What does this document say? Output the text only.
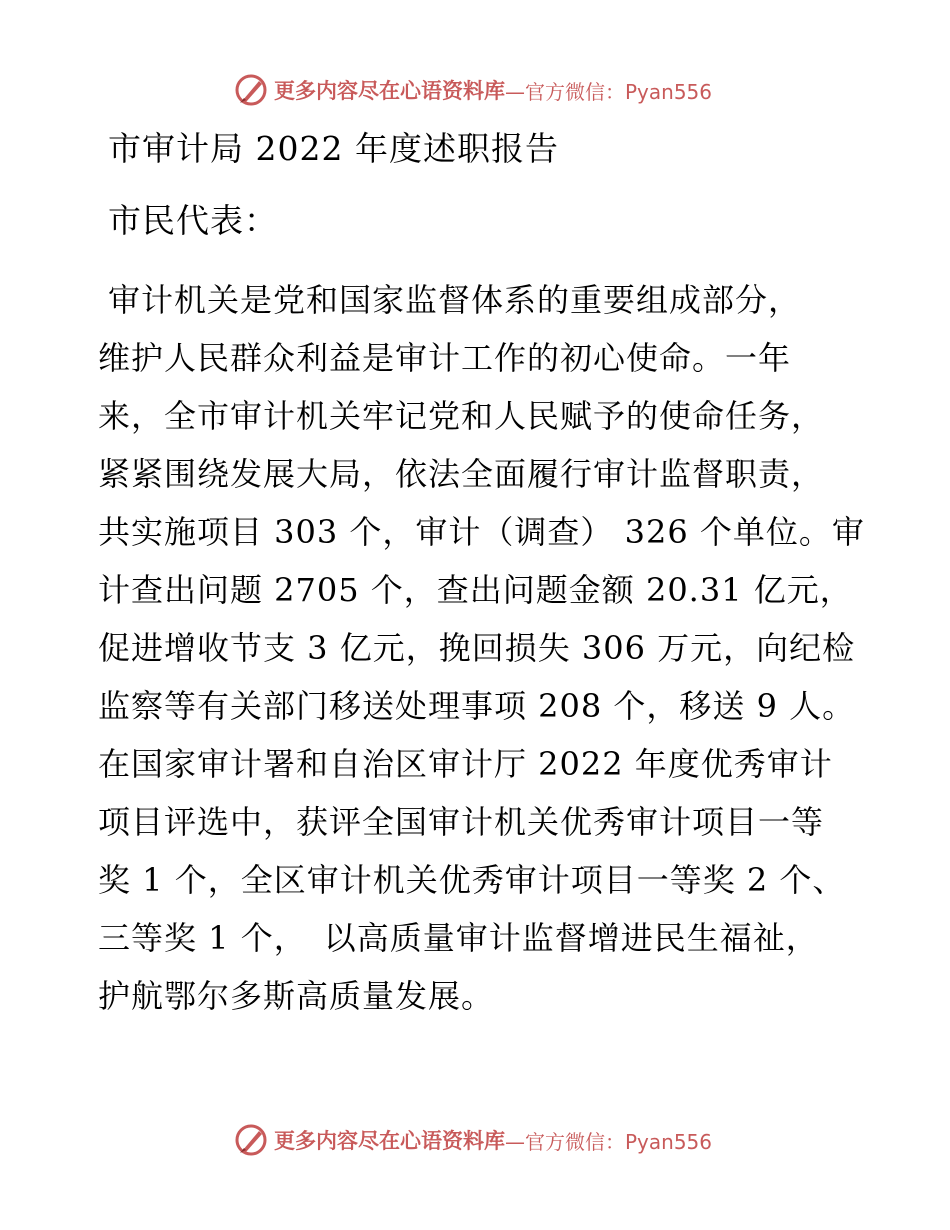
更多内容尽在心语资料库 —官方微信：Pyan556
市审计局 2022 年度述职报告
市民代表：
审计机关是党和国家监督体系的重要组成部分，
维护人民群众利益是审计工作的初心使命。一年
来，全市审计机关牢记党和人民赋予的使命任务，
紧紧围绕发展大局，依法全面履行审计监督职责，
共实施项目 303 个，审计（调查） 326 个单位。审
计查出问题 2705 个，查出问题金额 20.31 亿元，
促进增收节支 3 亿元，挽回损失 306 万元，向纪检
监察等有关部门移送处理事项 208 个，移送 9 人。
在国家审计署和自治区审计厅 2022 年度优秀审计
项目评选中，获评全国审计机关优秀审计项目一等
奖 1 个，全区审计机关优秀审计项目一等奖 2 个、
三等奖 1 个，　以高质量审计监督增进民生福祉，
护航鄂尔多斯高质量发展。
更多内容尽在心语资料库 —官方微信：Pyan556
